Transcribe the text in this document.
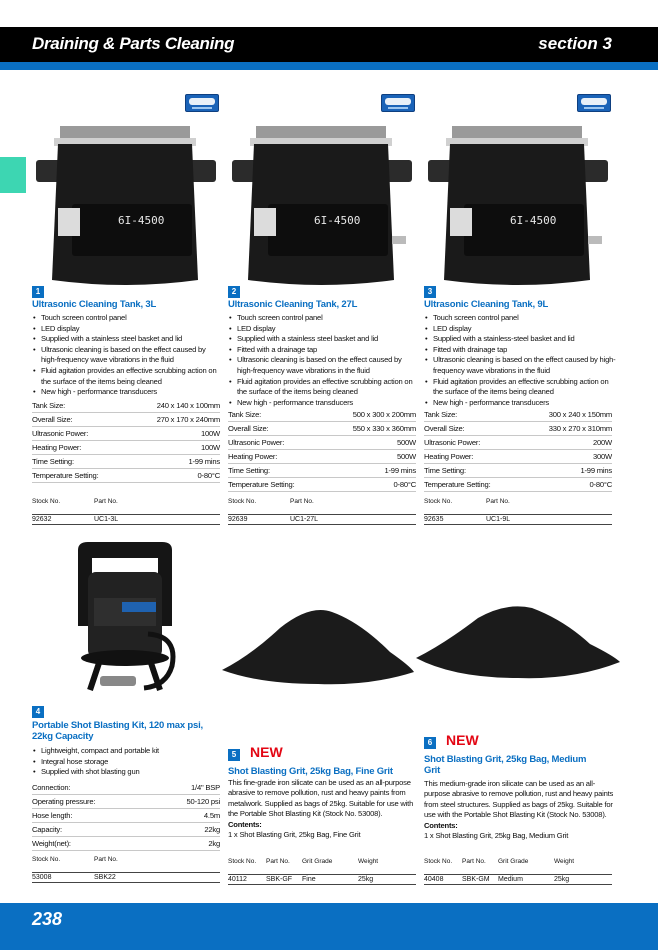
Draining & Parts Cleaning	section 3
6I-4500	6I-4500	6I-4500
1
Ultrasonic Cleaning Tank, 3L
• Touch screen control panel
• LED display
• Supplied with a stainless steel basket and lid
• Ultrasonic cleaning is based on the effect caused by high-frequency wave vibrations in the fluid
• Fluid agitation provides an effective scrubbing action on the surface of the items being cleaned
• New high - performance transducers
Tank Size:	240 x 140 x 100mm
Overall Size:	270 x 170 x 240mm
Ultrasonic Power:	100W
Heating Power:	100W
Time Setting:	1-99 mins
Temperature Setting:	0-80°C
Stock No.	Part No.
92632	UC1-3L
2
Ultrasonic Cleaning Tank, 27L
• Touch screen control panel
• LED display
• Supplied with a stainless steel basket and lid
• Fitted with a drainage tap
• Ultrasonic cleaning is based on the effect caused by high-frequency wave vibrations in the fluid
• Fluid agitation provides an effective scrubbing action on the surface of the items being cleaned
• New high - performance transducers
Tank Size:	500 x 300 x 200mm
Overall Size:	550 x 330 x 360mm
Ultrasonic Power:	500W
Heating Power:	500W
Time Setting:	1-99 mins
Temperature Setting:	0-80°C
Stock No.	Part No.
92639	UC1-27L
3
Ultrasonic Cleaning Tank, 9L
• Touch screen control panel
• LED display
• Supplied with a stainless-steel basket and lid
• Fitted with drainage tap
• Ultrasonic cleaning is based on the effect caused by high-frequency wave vibrations in the fluid
• Fluid agitation provides an effective scrubbing action on the surface of the items being cleaned
• New high - performance transducers
Tank Size:	300 x 240 x 150mm
Overall Size:	330 x 270 x 310mm
Ultrasonic Power:	200W
Heating Power:	300W
Time Setting:	1-99 mins
Temperature Setting:	0-80°C
Stock No.	Part No.
92635	UC1-9L
4
Portable Shot Blasting Kit, 120 max psi, 22kg Capacity
• Lightweight, compact and portable kit
• Integral hose storage
• Supplied with shot blasting gun
Connection:	1/4" BSP
Operating pressure:	50-120 psi
Hose length:	4.5m
Capacity:	22kg
Weight(net):	2kg
Stock No.	Part No.
53008	SBK22
5 NEW
Shot Blasting Grit, 25kg Bag, Fine Grit
This fine-grade iron silicate can be used as an all-purpose abrasive to remove pollution, rust and heavy paints from metalwork. Supplied as bags of 25kg. Suitable for use with the Portable Shot Blasting Kit (Stock No. 53008).
Contents:
1 x Shot Blasting Grit, 25kg Bag, Fine Grit
Stock No.	Part No.	Grit Grade	Weight
40112	SBK-GF	Fine	25kg
6 NEW
Shot Blasting Grit, 25kg Bag, Medium Grit
This medium-grade iron silicate can be used as an all-purpose abrasive to remove pollution, rust and heavy paints from steel structures. Supplied as bags of 25kg. Suitable for use with the Portable Shot Blasting Kit (Stock No. 53008).
Contents:
1 x Shot Blasting Grit, 25kg Bag, Medium Grit
Stock No.	Part No.	Grit Grade	Weight
40408	SBK-GM	Medium	25kg
238
